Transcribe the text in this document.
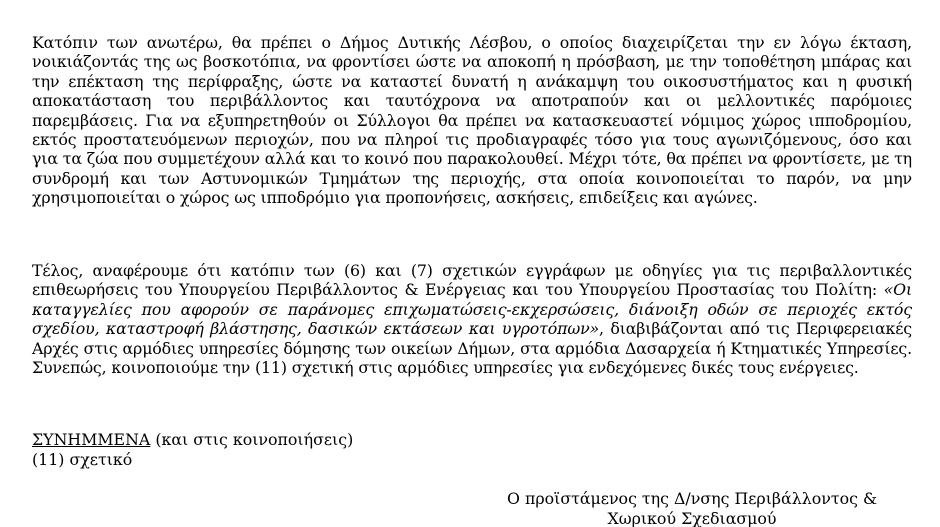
Κατόπιν των ανωτέρω, θα πρέπει ο Δήμος Δυτικής Λέσβου, ο οποίος διαχειρίζεται την εν λόγω έκταση, νοικιάζοντάς της ως βοσκοτόπια, να φροντίσει ώστε να αποκοπή η πρόσβαση, με την τοποθέτηση μπάρας και την επέκταση της περίφραξης, ώστε να καταστεί δυνατή η ανάκαμψη του οικοσυστήματος και η φυσική αποκατάσταση του περιβάλλοντος και ταυτόχρονα να αποτραπούν και οι μελλοντικές παρόμοιες παρεμβάσεις. Για να εξυπηρετηθούν οι Σύλλογοι θα πρέπει να κατασκευαστεί νόμιμος χώρος ιπποδρομίου, εκτός προστατευόμενων περιοχών, που να πληροί τις προδιαγραφές τόσο για τους αγωνιζόμενους, όσο και για τα ζώα που συμμετέχουν αλλά και το κοινό που παρακολουθεί. Μέχρι τότε, θα πρέπει να φροντίσετε, με τη συνδρομή και των Αστυνομικών Τμημάτων της περιοχής, στα οποία κοινοποιείται το παρόν, να μην χρησιμοποιείται ο χώρος ως ιπποδρόμιο για προπονήσεις, ασκήσεις, επιδείξεις και αγώνες.

Τέλος, αναφέρουμε ότι κατόπιν των (6) και (7) σχετικών εγγράφων με οδηγίες για τις περιβαλλοντικές επιθεωρήσεις του Υπουργείου Περιβάλλοντος & Ενέργειας και του Υπουργείου Προστασίας του Πολίτη: «Οι καταγγελίες που αφορούν σε παράνομες επιχωματώσεις-εκχερσώσεις, διάνοιξη οδών σε περιοχές εκτός σχεδίου, καταστροφή βλάστησης, δασικών εκτάσεων και υγροτόπων», διαβιβάζονται από τις Περιφερειακές Αρχές στις αρμόδιες υπηρεσίες δόμησης των οικείων Δήμων, στα αρμόδια Δασαρχεία ή Κτηματικές Υπηρεσίες. Συνεπώς, κοινοποιούμε την (11) σχετική στις αρμόδιες υπηρεσίες για ενδεχόμενες δικές τους ενέργειες.

ΣΥΝΗΜΜΕΝΑ (και στις κοινοποιήσεις)
(11) σχετικό
Ο προϊστάμενος της Δ/νσης Περιβάλλοντος &
Χωρικού Σχεδιασμού
